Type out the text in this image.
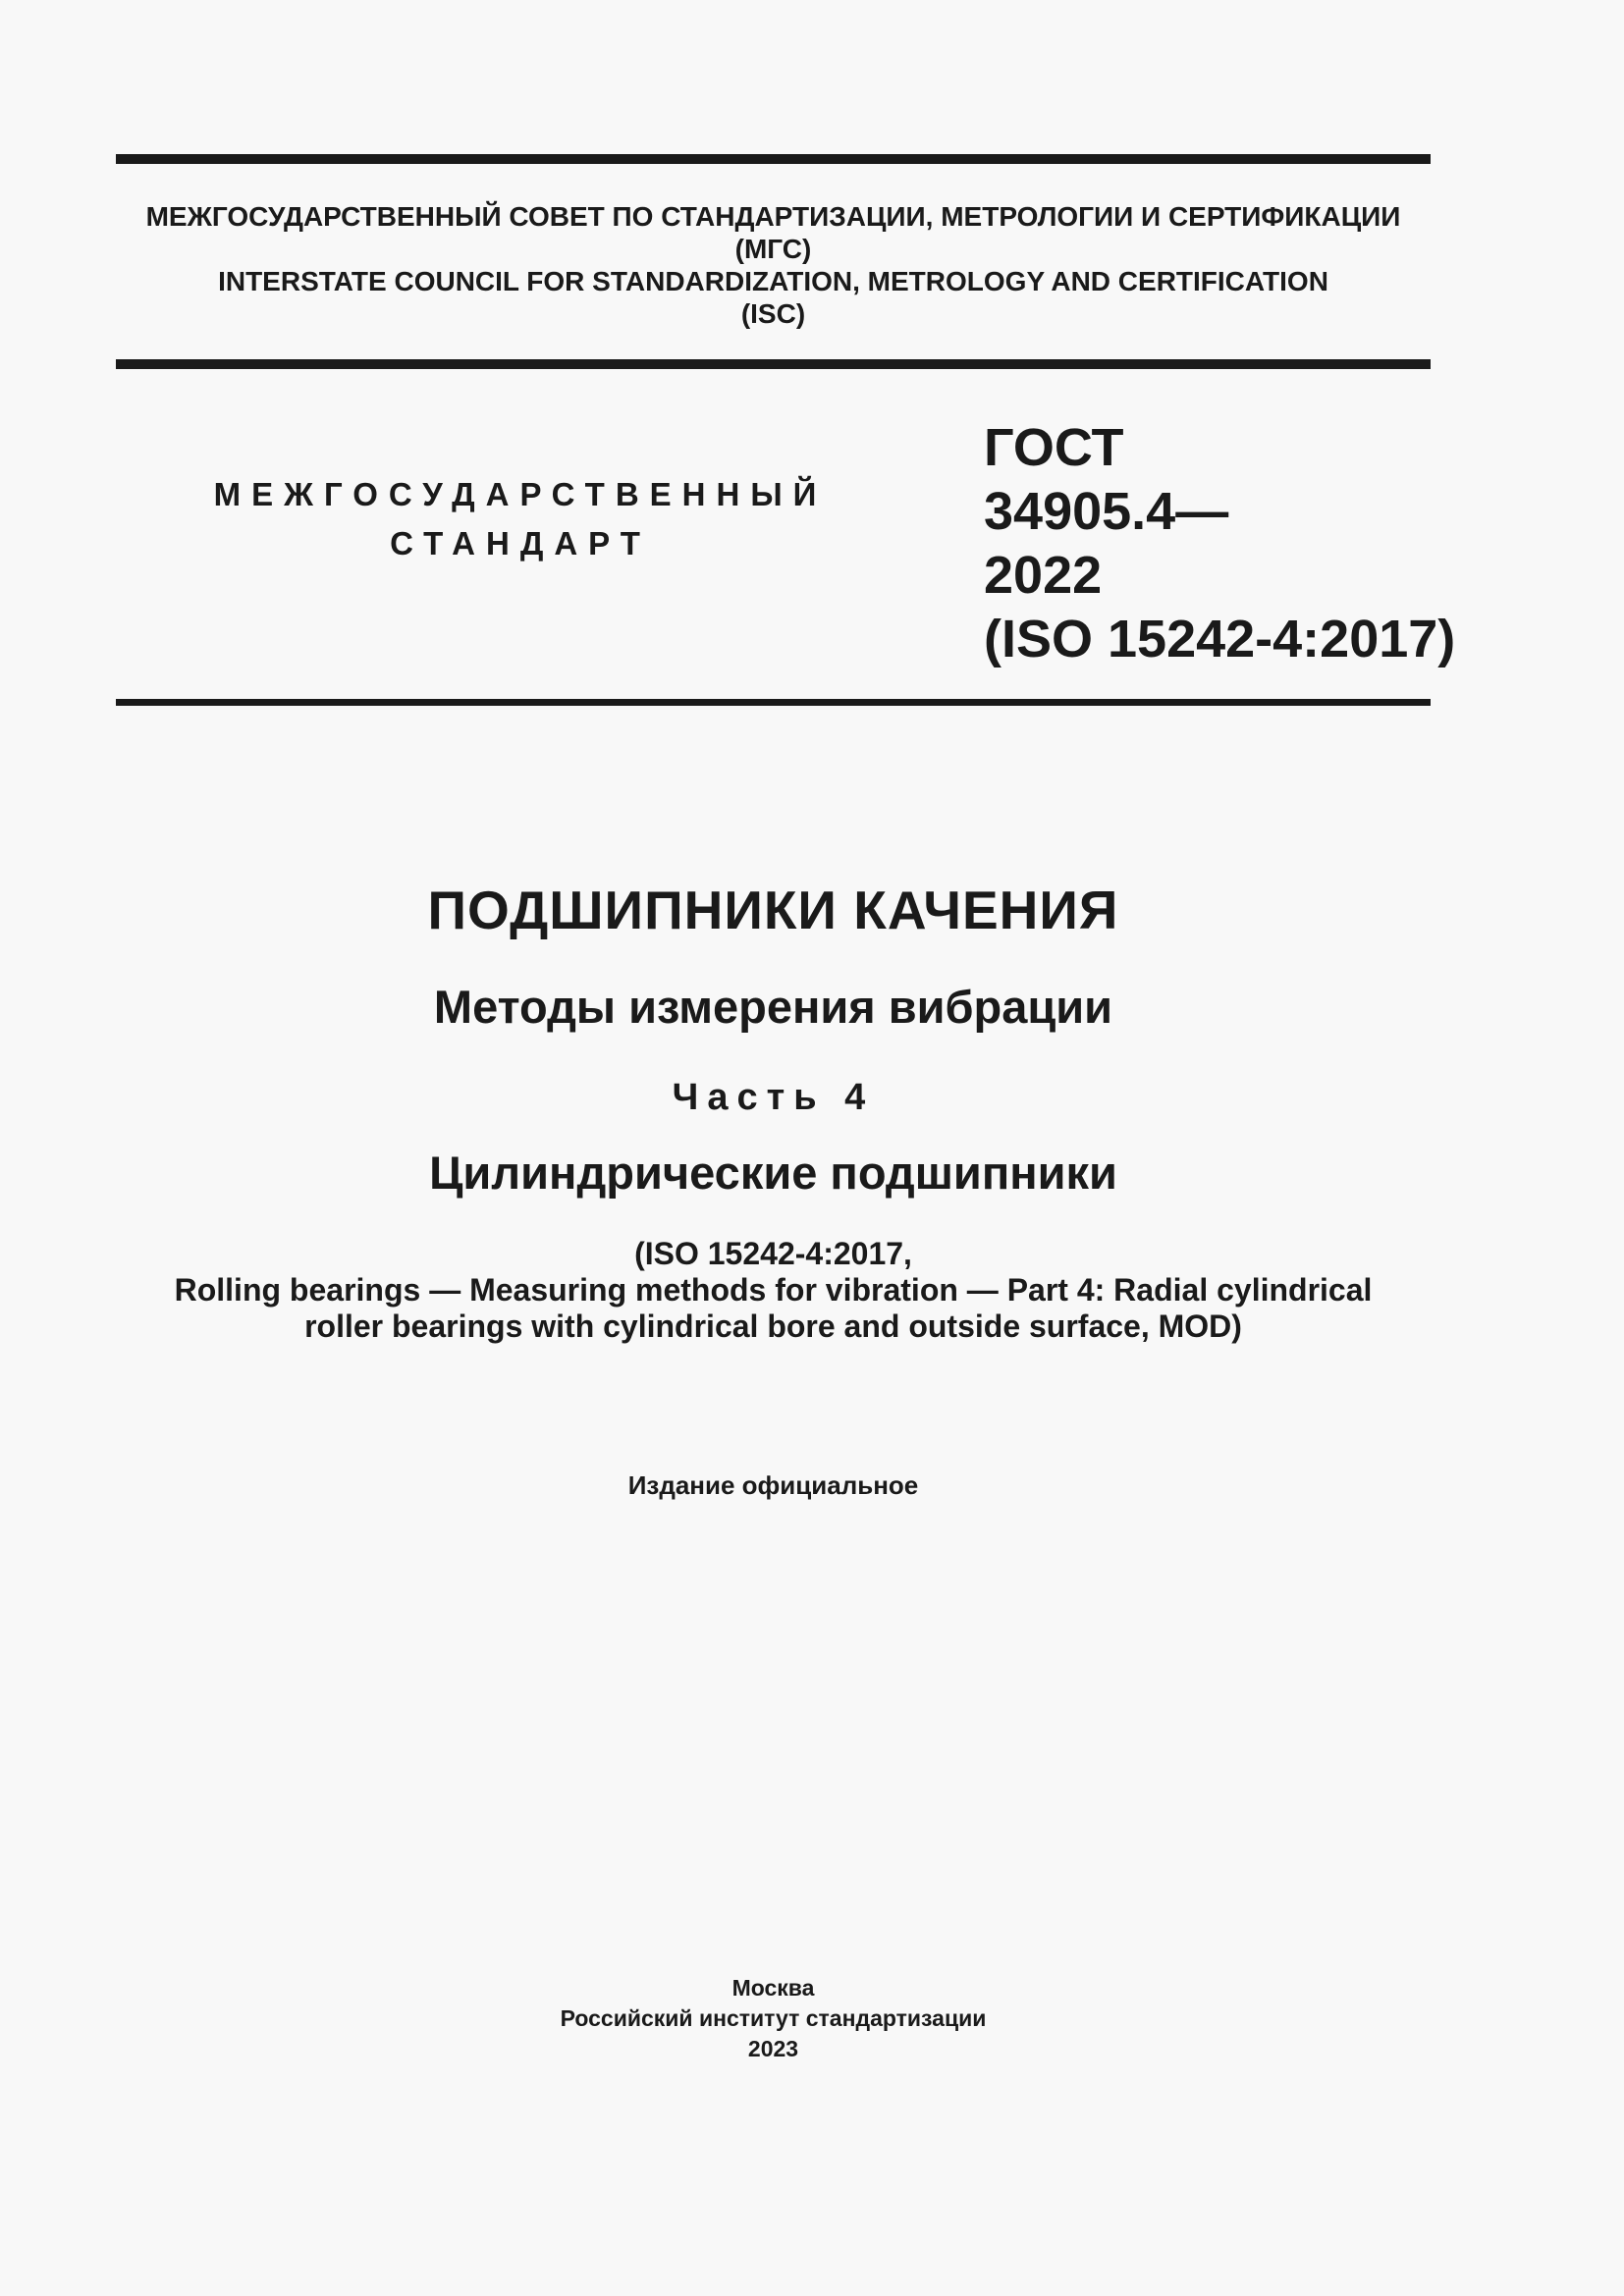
МЕЖГОСУДАРСТВЕННЫЙ СОВЕТ ПО СТАНДАРТИЗАЦИИ, МЕТРОЛОГИИ И СЕРТИФИКАЦИИ
(МГС)
INTERSTATE COUNCIL FOR STANDARDIZATION, METROLOGY AND CERTIFICATION
(ISC)
МЕЖГОСУДАРСТВЕННЫЙ
СТАНДАРТ
ГОСТ
34905.4—
2022
(ISO 15242-4:2017)
ПОДШИПНИКИ КАЧЕНИЯ
Методы измерения вибрации
Часть 4
Цилиндрические подшипники
(ISO 15242-4:2017,
Rolling bearings — Measuring methods for vibration — Part 4: Radial cylindrical
roller bearings with cylindrical bore and outside surface, MOD)
Издание официальное
Москва
Российский институт стандартизации
2023
